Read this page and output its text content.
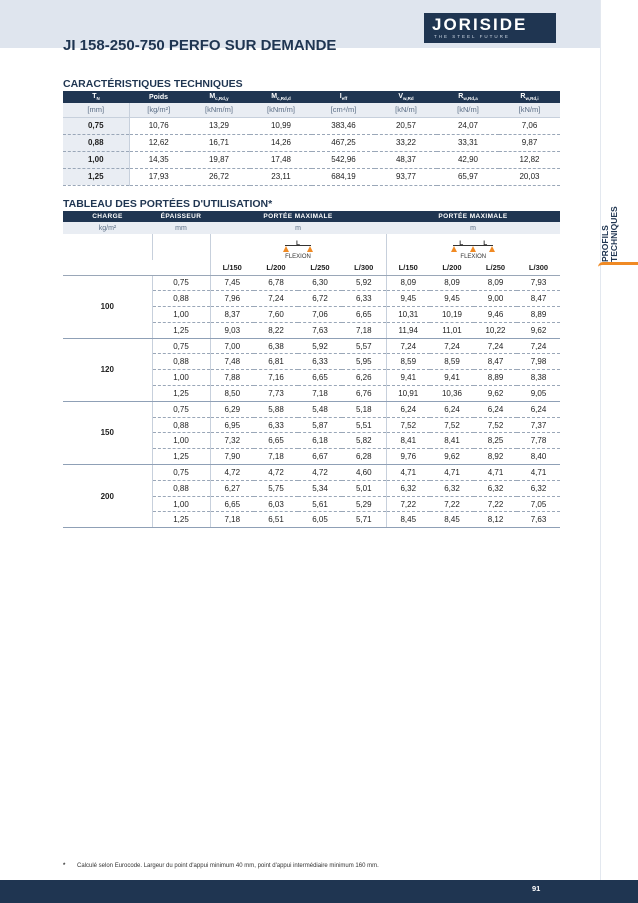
JORISIDE
THE STEEL FUTURE
JI 158-250-750 PERFO SUR DEMANDE
PROFILS TECHNIQUES
CARACTÉRISTIQUES TECHNIQUES
$T_N$	Poids	$M_{c,Rd,y}$	$M_{c,Rd,d}$	$I_{eff}$	$V_{w,Rd}$	$R_{w,Rd,a}$	$R_{w,Rd,i}$
[mm]	[kg/m²]	[kNm/m]	[kNm/m]	[cm⁴/m]	[kN/m]	[kN/m]	[kN/m]
0,75	10,76	13,29	10,99	383,46	20,57	24,07	7,06
0,88	12,62	16,71	14,26	467,25	33,22	33,31	9,87
1,00	14,35	19,87	17,48	542,96	48,37	42,90	12,82
1,25	17,93	26,72	23,11	684,19	93,77	65,97	20,03
TABLEAU DES PORTÉES D'UTILISATION*
CHARGE	ÉPAISSEUR	PORTÉE MAXIMALE				PORTÉE MAXIMALE			
kg/m²	mm	m				m			

		L

FLEXION				L L

FLEXION			
		L/150	L/200	L/250	L/300	L/150	L/200	L/250	L/300
100	0,75	7,45	6,78	6,30	5,92	8,09	8,09	8,09	7,93
	0,88	7,96	7,24	6,72	6,33	9,45	9,45	9,00	8,47
	1,00	8,37	7,60	7,06	6,65	10,31	10,19	9,46	8,89
	1,25	9,03	8,22	7,63	7,18	11,94	11,01	10,22	9,62
120	0,75	7,00	6,38	5,92	5,57	7,24	7,24	7,24	7,24
	0,88	7,48	6,81	6,33	5,95	8,59	8,59	8,47	7,98
	1,00	7,88	7,16	6,65	6,26	9,41	9,41	8,89	8,38
	1,25	8,50	7,73	7,18	6,76	10,91	10,36	9,62	9,05
150	0,75	6,29	5,88	5,48	5,18	6,24	6,24	6,24	6,24
	0,88	6,95	6,33	5,87	5,51	7,52	7,52	7,52	7,37
	1,00	7,32	6,65	6,18	5,82	8,41	8,41	8,25	7,78
	1,25	7,90	7,18	6,67	6,28	9,76	9,62	8,92	8,40
200	0,75	4,72	4,72	4,72	4,60	4,71	4,71	4,71	4,71
	0,88	6,27	5,75	5,34	5,01	6,32	6,32	6,32	6,32
	1,00	6,65	6,03	5,61	5,29	7,22	7,22	7,22	7,05
	1,25	7,18	6,51	6,05	5,71	8,45	8,45	8,12	7,63
* Calculé selon Eurocode. Largeur du point d'appui minimum 40 mm, point d'appui intermédiaire minimum 160 mm.
91
